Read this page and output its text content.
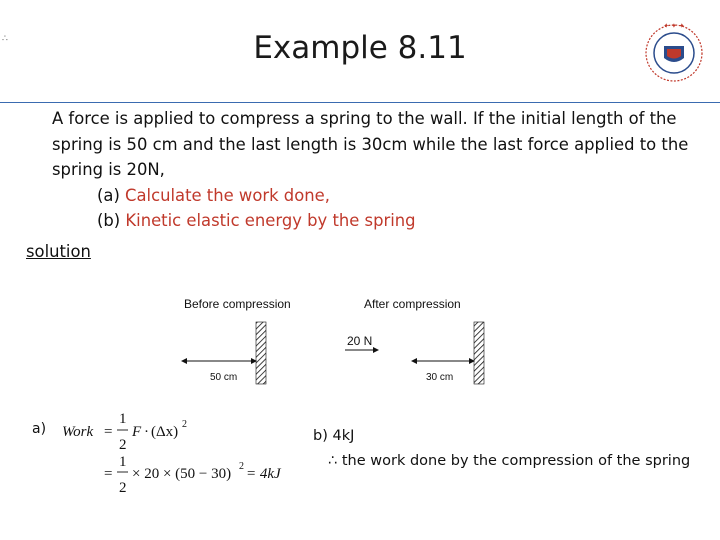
∴	Example 8.11
✦ ✦ ✦
A force is applied to compress a spring to the wall. If the initial length of the
spring is 50 cm and the last length is 30cm while the last force applied to the
spring is 20N,
(a) Calculate the work done,
(b) Kinetic elastic energy by the spring
solution
Before compression	After compression
50 cm
20 N
30 cm
a) Work =
1
2
F · (Δx) 2
=
1
2
× 20 × (50 − 30) 2 = 4kJ
b) 4kJ
∴ the work done by the compression of the spring
